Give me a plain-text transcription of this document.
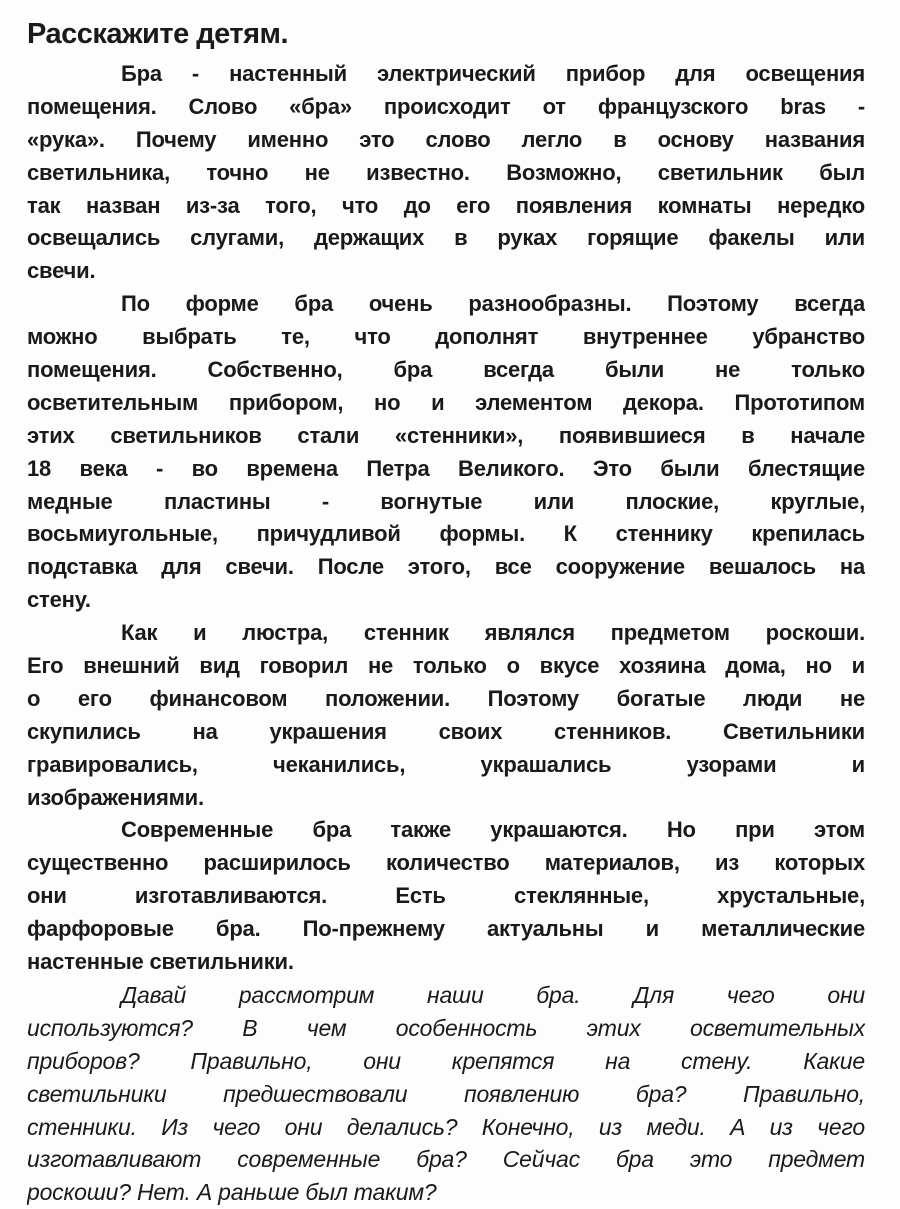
Расскажите детям.
Бра - настенный электрический прибор для освещения
помещения. Слово «бра» происходит от французского bras -
«рука». Почему именно это слово легло в основу названия
светильника, точно не известно. Возможно, светильник был
так назван из-за того, что до его появления комнаты нередко
освещались слугами, держащих в руках горящие факелы или
свечи.
По форме бра очень разнообразны. Поэтому всегда
можно выбрать те, что дополнят внутреннее убранство
помещения. Собственно, бра всегда были не только
осветительным прибором, но и элементом декора. Прототипом
этих светильников стали «стенники», появившиеся в начале
18 века - во времена Петра Великого. Это были блестящие
медные пластины - вогнутые или плоские, круглые,
восьмиугольные, причудливой формы. К стеннику крепилась
подставка для свечи. После этого, все сооружение вешалось на
стену.
Как и люстра, стенник являлся предметом роскоши.
Его внешний вид говорил не только о вкусе хозяина дома, но и
о его финансовом положении. Поэтому богатые люди не
скупились на украшения своих стенников. Светильники
гравировались, чеканились, украшались узорами и
изображениями.
Современные бра также украшаются. Но при этом
существенно расширилось количество материалов, из которых
они изготавливаются. Есть стеклянные, хрустальные,
фарфоровые бра. По-прежнему актуальны и металлические
настенные светильники.
Давай рассмотрим наши бра. Для чего они
используются? В чем особенность этих осветительных
приборов? Правильно, они крепятся на стену. Какие
светильники предшествовали появлению бра? Правильно,
стенники. Из чего они делались? Конечно, из меди. А из чего
изготавливают современные бра? Сейчас бра это предмет
роскоши? Нет. А раньше был таким?
